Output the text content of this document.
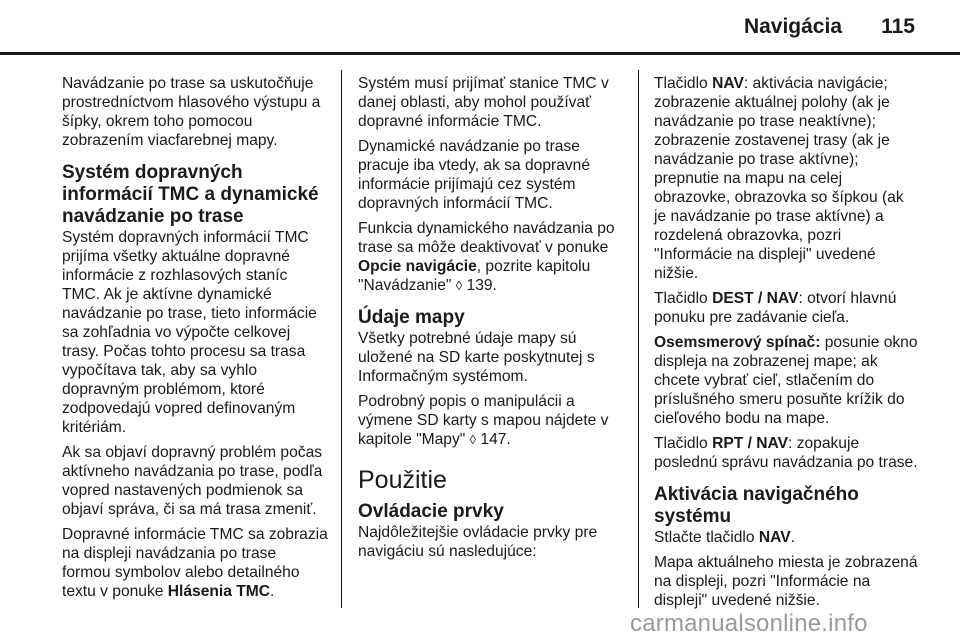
Navigácia 115

Navádzanie po trase sa uskutočňuje prostredníctvom hlasového výstupu a šípky, okrem toho pomocou zobrazením viacfarebnej mapy.

Systém dopravných informácií TMC a dynamické navádzanie po trase

Systém dopravných informácií TMC prijíma všetky aktuálne dopravné informácie z rozhlasových staníc TMC. Ak je aktívne dynamické navádzanie po trase, tieto informácie sa zohľadnia vo výpočte celkovej trasy. Počas tohto procesu sa trasa vypočítava tak, aby sa vyhlo dopravným problémom, ktoré zodpovedajú vopred definovaným kritériám.

Ak sa objaví dopravný problém počas aktívneho navádzania po trase, podľa vopred nastavených podmienok sa objaví správa, či sa má trasa zmeniť.

Dopravné informácie TMC sa zobrazia na displeji navádzania po trase formou symbolov alebo detailného textu v ponuke Hlásenia TMC.

Systém musí prijímať stanice TMC v danej oblasti, aby mohol používať dopravné informácie TMC.

Dynamické navádzanie po trase pracuje iba vtedy, ak sa dopravné informácie prijímajú cez systém dopravných informácií TMC.

Funkcia dynamického navádzania po trase sa môže deaktivovať v ponuke Opcie navigácie, pozrite kapitolu "Navádzanie" ◊ 139.

Údaje mapy

Všetky potrebné údaje mapy sú uložené na SD karte poskytnutej s Informačným systémom.

Podrobný popis o manipulácii a výmene SD karty s mapou nájdete v kapitole "Mapy" ◊ 147.

Použitie
Ovládacie prvky

Najdôležitejšie ovládacie prvky pre navigáciu sú nasledujúce:

Tlačidlo NAV: aktivácia navigácie; zobrazenie aktuálnej polohy (ak je navádzanie po trase neaktívne); zobrazenie zostavenej trasy (ak je navádzanie po trase aktívne); prepnutie na mapu na celej obrazovke, obrazovka so šípkou (ak je navádzanie po trase aktívne) a rozdelená obrazovka, pozri "Informácie na displeji" uvedené nižšie.

Tlačidlo DEST / NAV: otvorí hlavnú ponuku pre zadávanie cieľa.

Osemsmerový spínač: posunie okno displeja na zobrazenej mape; ak chcete vybrať cieľ, stlačením do príslušného smeru posuňte krížik do cieľového bodu na mape.

Tlačidlo RPT / NAV: zopakuje poslednú správu navádzania po trase.

Aktivácia navigačného systému

Stlačte tlačidlo NAV.

Mapa aktuálneho miesta je zobrazená na displeji, pozri "Informácie na displeji" uvedené nižšie.

carmanualsonline.info
